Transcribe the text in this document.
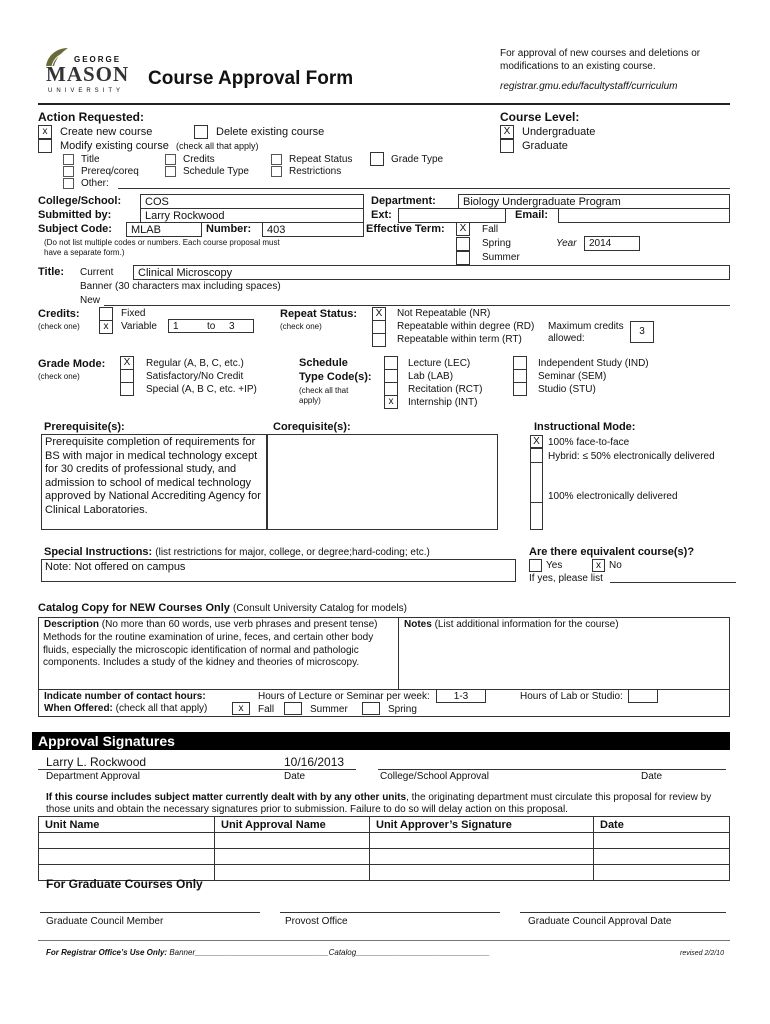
GEORGE
MASON
UNIVERSITY
Course Approval Form
For approval of new courses and deletions or
modifications to an existing course.
registrar.gmu.edu/facultystaff/curriculum
Action Requested:
x	Create new course	Delete existing course
Modify existing course (check all that apply)
Title	Credits	Repeat Status	Grade Type
Prereq/coreq	Schedule Type	Restrictions
Other:
Course Level:
X	Undergraduate
Graduate
College/School:	COS
Submitted by:	Larry Rockwood
Subject Code:	MLAB	Number:	403
(Do not list multiple codes or numbers. Each course proposal must
have a separate form.)
Department:	Biology Undergraduate Program
Ext:	Email:
Effective Term:	X	Fall
Spring
Summer
Year	2014
Title: Current	Clinical Microscopy
Banner (30 characters max including spaces)
New
Credits:
(check one)
Fixed
x	Variable	1	to 3
Repeat Status:
(check one)
X	Not Repeatable (NR)
Repeatable within degree (RD)
Repeatable within term (RT)
Maximum credits
allowed:
3
Grade Mode:
(check one)
X	Regular (A, B, C, etc.)
Satisfactory/No Credit
Special (A, B C, etc. +IP)
Schedule
Type Code(s):
(check all that
apply)
Lecture (LEC)
Lab (LAB)
Recitation (RCT)
x	Internship (INT)
Independent Study (IND)
Seminar (SEM)
Studio (STU)
Prerequisite(s):
Prerequisite completion of requirements for BS with major in medical technology except for 30 credits of professional study, and admission to school of medical technology approved by National Accrediting Agency for Clinical Laboratories.
Corequisite(s):	Instructional Mode:
X 100% face-to-face
Hybrid: ≤ 50% electronically delivered
100% electronically delivered
Special Instructions: (list restrictions for major, college, or degree;hard-coding; etc.)
Note: Not offered on campus
Are there equivalent course(s)?
Yes	x No
If yes, please list
Catalog Copy for NEW Courses Only (Consult University Catalog for models)
Description (No more than 60 words, use verb phrases and present tense)
Methods for the routine examination of urine, feces, and certain other body fluids, especially the microscopic identification of normal and pathologic components. Includes a study of the kidney and theories of microscopy.
Notes (List additional information for the course)
Indicate number of contact hours:
When Offered: (check all that apply)
Hours of Lecture or Seminar per week:	1-3	Hours of Lab or Studio:
x	Fall	Summer	Spring
Approval Signatures
Larry L. Rockwood	10/16/2013
Department Approval	Date	College/School Approval	Date
If this course includes subject matter currently dealt with by any other units, the originating department must circulate this proposal for review by
those units and obtain the necessary signatures prior to submission. Failure to do so will delay action on this proposal.
Unit Name	Unit Approval Name	Unit Approver’s Signature	Date

For Graduate Courses Only
Graduate Council Member	Provost Office	Graduate Council Approval Date
For Registrar Office’s Use Only: Banner______________________________Catalog______________________________	revised 2/2/10
